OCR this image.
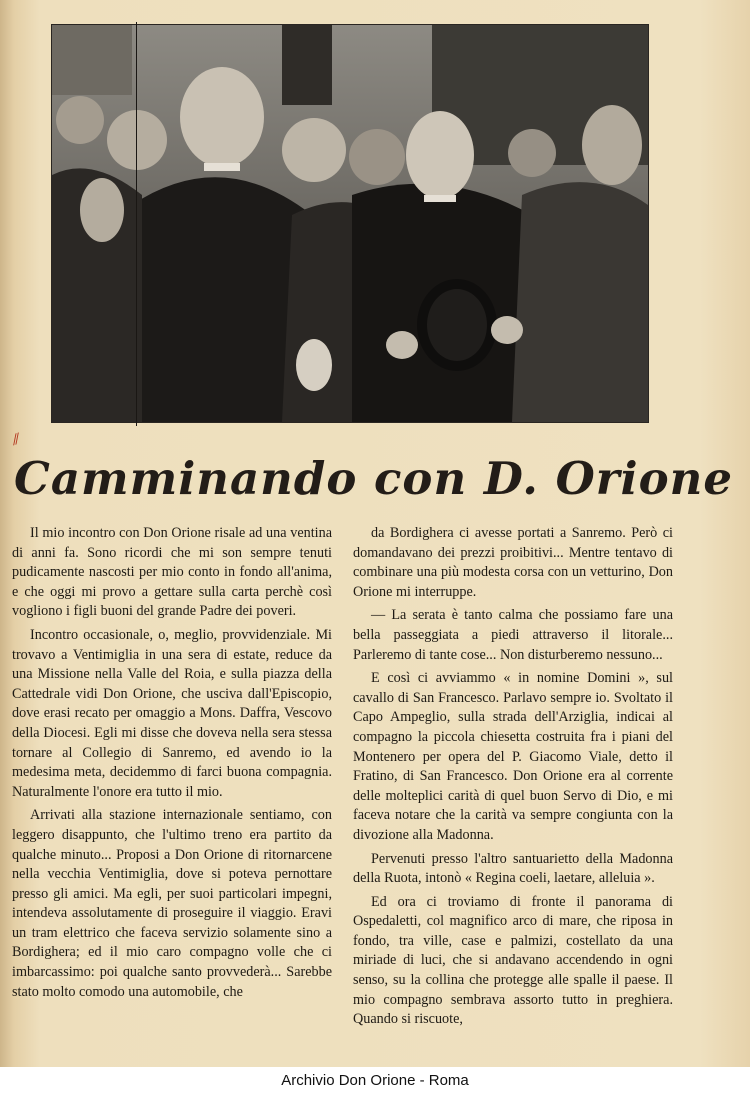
⁄⁄
Camminando con D. Orione

Il mio incontro con Don Orione risale ad una ventina di anni fa. Sono ricordi che mi son sempre tenuti pudicamente nascosti per mio conto in fondo all'anima, e che oggi mi provo a gettare sulla carta perchè così vogliono i figli buoni del grande Padre dei poveri.

Incontro occasionale, o, meglio, provvidenziale. Mi trovavo a Ventimiglia in una sera di estate, reduce da una Missione nella Valle del Roia, e sulla piazza della Cattedrale vidi Don Orione, che usciva dall'Episcopio, dove erasi recato per omaggio a Mons. Daffra, Vescovo della Diocesi. Egli mi disse che doveva nella sera stessa tornare al Collegio di Sanremo, ed avendo io la medesima meta, decidemmo di farci buona compagnia. Naturalmente l'onore era tutto il mio.

Arrivati alla stazione internazionale sentiamo, con leggero disappunto, che l'ultimo treno era partito da qualche minuto... Proposi a Don Orione di ritornarcene nella vecchia Ventimiglia, dove si poteva pernottare presso gli amici. Ma egli, per suoi particolari impegni, intendeva assolutamente di proseguire il viaggio. Eravi un tram elettrico che faceva servizio solamente sino a Bordighera; ed il mio caro compagno volle che ci imbarcassimo: poi qualche santo provvederà... Sarebbe stato molto comodo una automobile, che

da Bordighera ci avesse portati a Sanremo. Però ci domandavano dei prezzi proibitivi... Mentre tentavo di combinare una più modesta corsa con un vetturino, Don Orione mi interruppe.

— La serata è tanto calma che possiamo fare una bella passeggiata a piedi attraverso il litorale... Parleremo di tante cose... Non disturberemo nessuno...

E così ci avviammo « in nomine Domini », sul cavallo di San Francesco. Parlavo sempre io. Svoltato il Capo Ampeglio, sulla strada dell'Arziglia, indicai al compagno la piccola chiesetta costruita fra i piani del Montenero per opera del P. Giacomo Viale, detto il Fratino, di San Francesco. Don Orione era al corrente delle molteplici carità di quel buon Servo di Dio, e mi faceva notare che la carità va sempre congiunta con la divozione alla Madonna.

Pervenuti presso l'altro santuarietto della Madonna della Ruota, intonò « Regina coeli, laetare, alleluia ».

Ed ora ci troviamo di fronte il panorama di Ospedaletti, col magnifico arco di mare, che riposa in fondo, tra ville, case e palmizi, costellato da una miriade di luci, che si andavano accendendo in ogni senso, su la collina che protegge alle spalle il paese. Il mio compagno sembrava assorto tutto in preghiera. Quando si riscuote,

Archivio Don Orione - Roma
